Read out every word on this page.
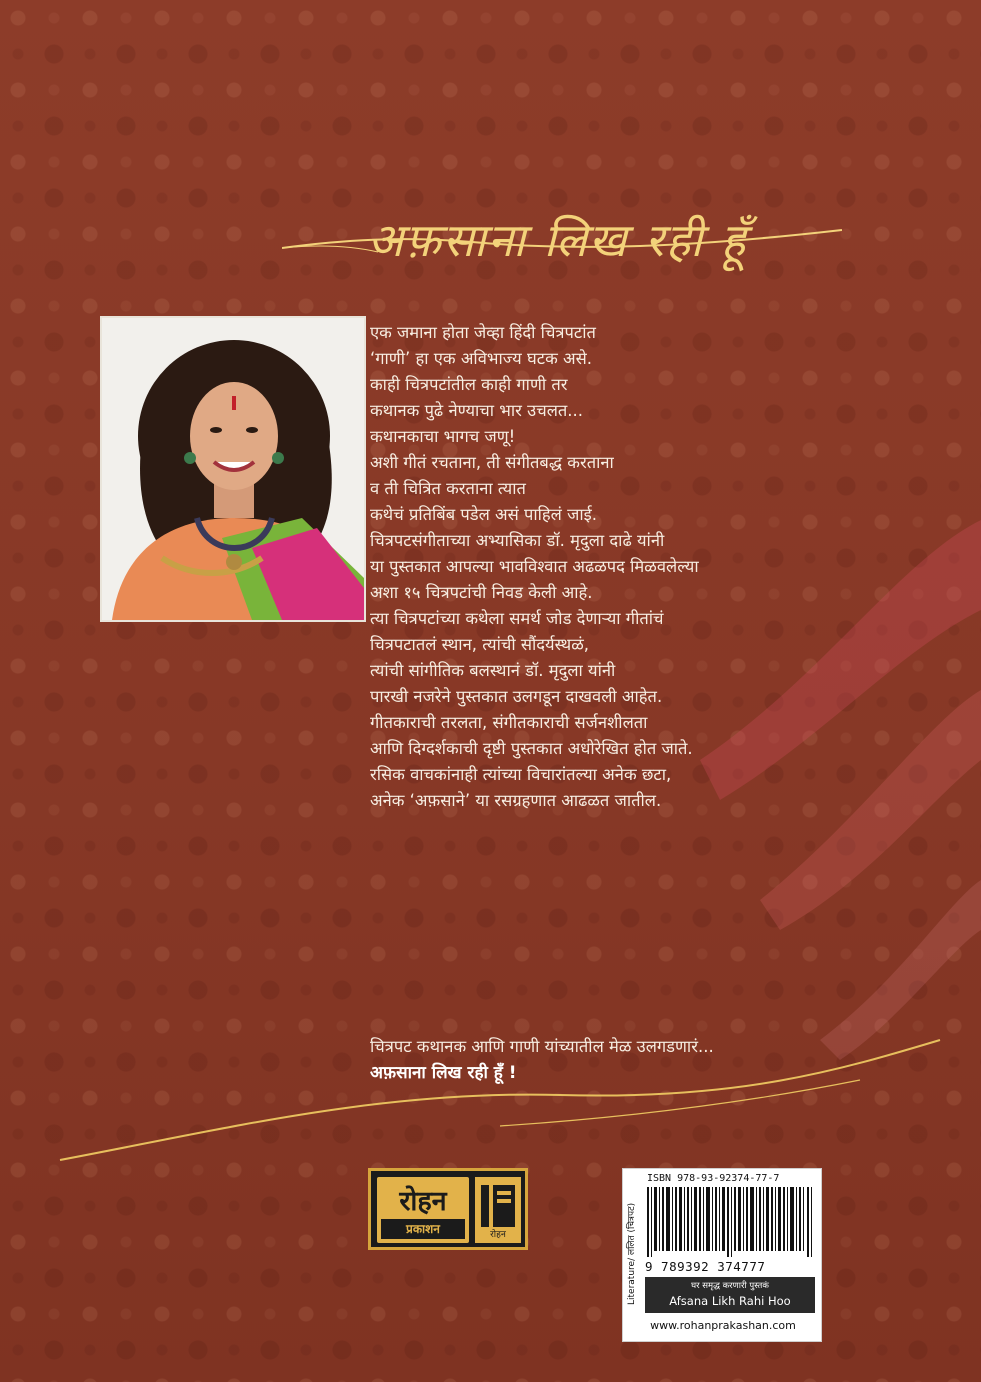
अफ़साना लिख रही हूँ
एक जमाना होता जेव्हा हिंदी चित्रपटांत
‘गाणी’ हा एक अविभाज्य घटक असे.
काही चित्रपटांतील काही गाणी तर
कथानक पुढे नेण्याचा भार उचलत...
कथानकाचा भागच जणू!
अशी गीतं रचताना, ती संगीतबद्ध करताना
व ती चित्रित करताना त्यात
कथेचं प्रतिबिंब पडेल असं पाहिलं जाई.
चित्रपटसंगीताच्या अभ्यासिका डॉ. मृदुला दाढे यांनी
या पुस्तकात आपल्या भावविश्वात अढळपद मिळवलेल्या
अशा १५ चित्रपटांची निवड केली आहे.
त्या चित्रपटांच्या कथेला समर्थ जोड देणाऱ्या गीतांचं
चित्रपटातलं स्थान, त्यांची सौंदर्यस्थळं,
त्यांची सांगीतिक बलस्थानं डॉ. मृदुला यांनी
पारखी नजरेने पुस्तकात उलगडून दाखवली आहेत.
गीतकाराची तरलता, संगीतकाराची सर्जनशीलता
आणि दिग्दर्शकाची दृष्टी पुस्तकात अधोरेखित होत जाते.
रसिक वाचकांनाही त्यांच्या विचारांतल्या अनेक छटा,
अनेक ‘अफ़साने’ या रसग्रहणात आढळत जातील.
चित्रपट कथानक आणि गाणी यांच्यातील मेळ उलगडणारं...
अफ़साना लिख रही हूँ !
रोहन
प्रकाशन	रोहन	Literature/ ललित (चित्रपट)
ISBN 978-93-92374-77-7
9 789392 374777
घर समृद्ध करणारी पुस्तकं
Afsana Likh Rahi Hoo
www.rohanprakashan.com
